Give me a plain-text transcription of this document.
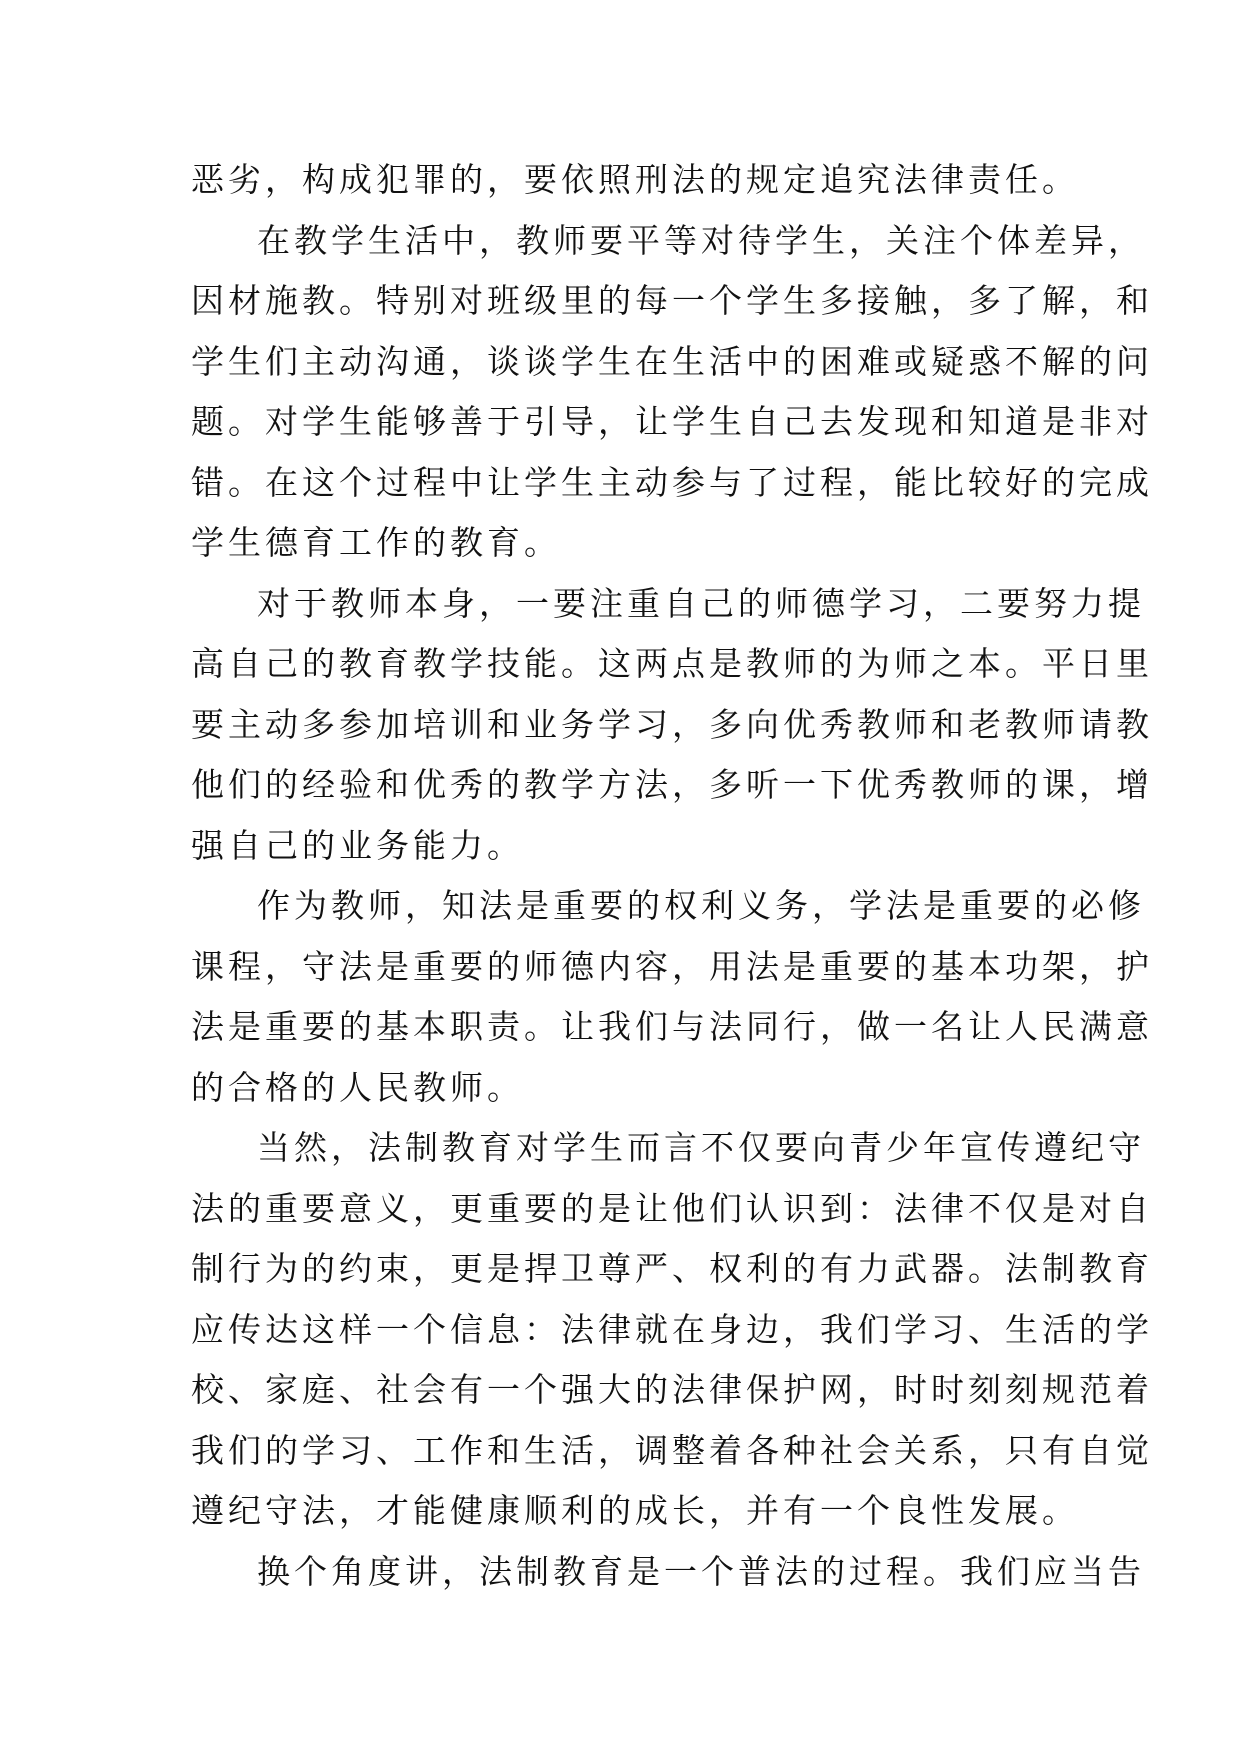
恶劣，构成犯罪的，要依照刑法的规定追究法律责任。
在教学生活中，教师要平等对待学生，关注个体差异，
因材施教。特别对班级里的每一个学生多接触，多了解，和
学生们主动沟通，谈谈学生在生活中的困难或疑惑不解的问
题。对学生能够善于引导，让学生自己去发现和知道是非对
错。在这个过程中让学生主动参与了过程，能比较好的完成
学生德育工作的教育。
对于教师本身，一要注重自己的师德学习，二要努力提
高自己的教育教学技能。这两点是教师的为师之本。平日里
要主动多参加培训和业务学习，多向优秀教师和老教师请教
他们的经验和优秀的教学方法，多听一下优秀教师的课，增
强自己的业务能力。
作为教师，知法是重要的权利义务，学法是重要的必修
课程，守法是重要的师德内容，用法是重要的基本功架，护
法是重要的基本职责。让我们与法同行，做一名让人民满意
的合格的人民教师。
当然，法制教育对学生而言不仅要向青少年宣传遵纪守
法的重要意义，更重要的是让他们认识到：法律不仅是对自
制行为的约束，更是捍卫尊严、权利的有力武器。法制教育
应传达这样一个信息：法律就在身边，我们学习、生活的学
校、家庭、社会有一个强大的法律保护网，时时刻刻规范着
我们的学习、工作和生活，调整着各种社会关系，只有自觉
遵纪守法，才能健康顺利的成长，并有一个良性发展。
换个角度讲，法制教育是一个普法的过程。我们应当告
